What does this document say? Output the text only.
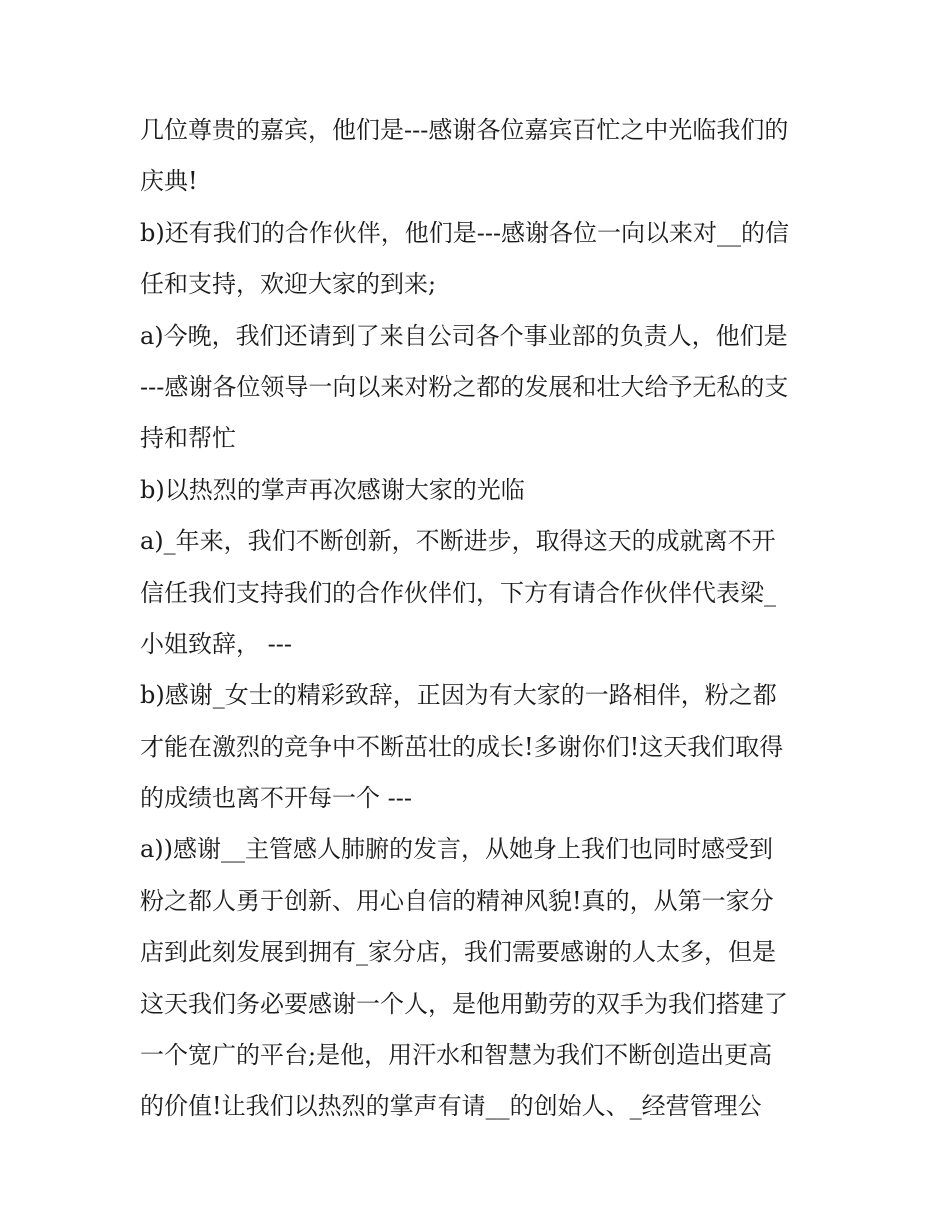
几位尊贵的嘉宾，他们是---感谢各位嘉宾百忙之中光临我们的
庆典!
b)还有我们的合作伙伴，他们是---感谢各位一向以来对__的信
任和支持，欢迎大家的到来;
a)今晚，我们还请到了来自公司各个事业部的负责人，他们是
---感谢各位领导一向以来对粉之都的发展和壮大给予无私的支
持和帮忙
b)以热烈的掌声再次感谢大家的光临
a)_年来，我们不断创新，不断进步，取得这天的成就离不开
信任我们支持我们的合作伙伴们，下方有请合作伙伴代表梁_
小姐致辞， ---
b)感谢_女士的精彩致辞，正因为有大家的一路相伴，粉之都
才能在激烈的竞争中不断茁壮的成长!多谢你们!这天我们取得
的成绩也离不开每一个 ---
a))感谢__主管感人肺腑的发言，从她身上我们也同时感受到
粉之都人勇于创新、用心自信的精神风貌!真的，从第一家分
店到此刻发展到拥有_家分店，我们需要感谢的人太多，但是
这天我们务必要感谢一个人，是他用勤劳的双手为我们搭建了
一个宽广的平台;是他，用汗水和智慧为我们不断创造出更高
的价值!让我们以热烈的掌声有请__的创始人、_经营管理公
